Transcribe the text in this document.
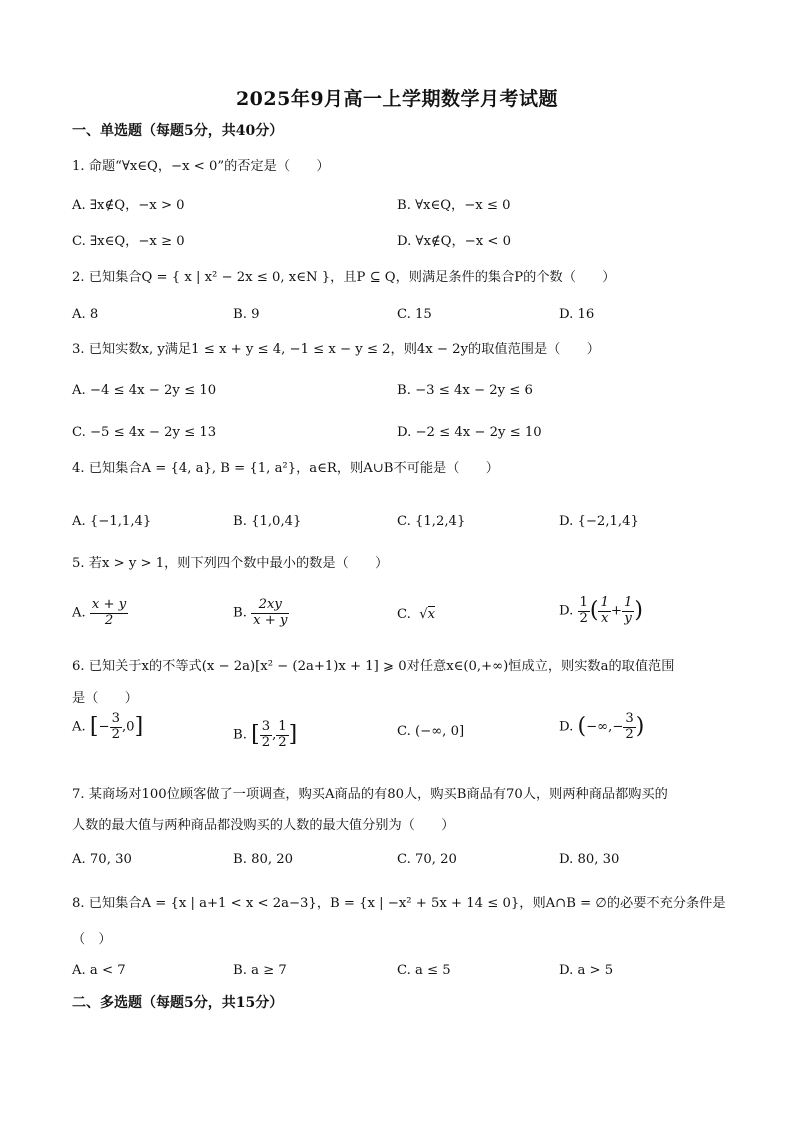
2025年9月高一上学期数学月考试题
一、单选题（每题5分，共40分）
1. 命题“∀x∈Q，−x < 0”的否定是（　　）
A. ∃x∉Q，−x > 0	B. ∀x∈Q，−x ≤ 0
C. ∃x∈Q，−x ≥ 0	D. ∀x∉Q，−x < 0
2. 已知集合Q = { x | x² − 2x ≤ 0, x∈N }，且P ⊆ Q，则满足条件的集合P的个数（　　）
A. 8	B. 9	C. 15	D. 16
3. 已知实数x, y满足1 ≤ x + y ≤ 4, −1 ≤ x − y ≤ 2，则4x − 2y的取值范围是（　　）
A. −4 ≤ 4x − 2y ≤ 10	B. −3 ≤ 4x − 2y ≤ 6
C. −5 ≤ 4x − 2y ≤ 13	D. −2 ≤ 4x − 2y ≤ 10
4. 已知集合A = {4, a}, B = {1, a²}，a∈R，则A∪B不可能是（　　）
A. {−1,1,4}	B. {1,0,4}	C. {1,2,4}	D. {−2,1,4}
5. 若x > y > 1，则下列四个数中最小的数是（　　）
A. $\frac{x + y}{2}$	B. $\frac{2xy}{x + y}$	C.  √x	D. $\frac{1}{2}$ ( $\frac{1}{x} + \frac{1}{y}$ )
6. 已知关于x的不等式(x − 2a)[x² − (2a+1)x + 1] ⩾ 0对任意x∈(0,+∞)恒成立，则实数a的取值范围
是（　　）
A. [− $\frac{3}{2} ,0$]	B. [ $\frac{3}{2}$ , $\frac{1}{2}$ ]	C. (−∞, 0]	D. (−∞,− $\frac{3}{2}$ )
7. 某商场对100位顾客做了一项调查，购买A商品的有80人，购买B商品有70人，则两种商品都购买的
人数的最大值与两种商品都没购买的人数的最大值分别为（　　）
A. 70, 30	B. 80, 20	C. 70, 20	D. 80, 30
8. 已知集合A = {x | a+1 < x < 2a−3}，B = {x | −x² + 5x + 14 ≤ 0}，则A∩B = ∅的必要不充分条件是
（　）
A. a < 7	B. a ≥ 7	C. a ≤ 5	D. a > 5
二、多选题（每题5分，共15分）
